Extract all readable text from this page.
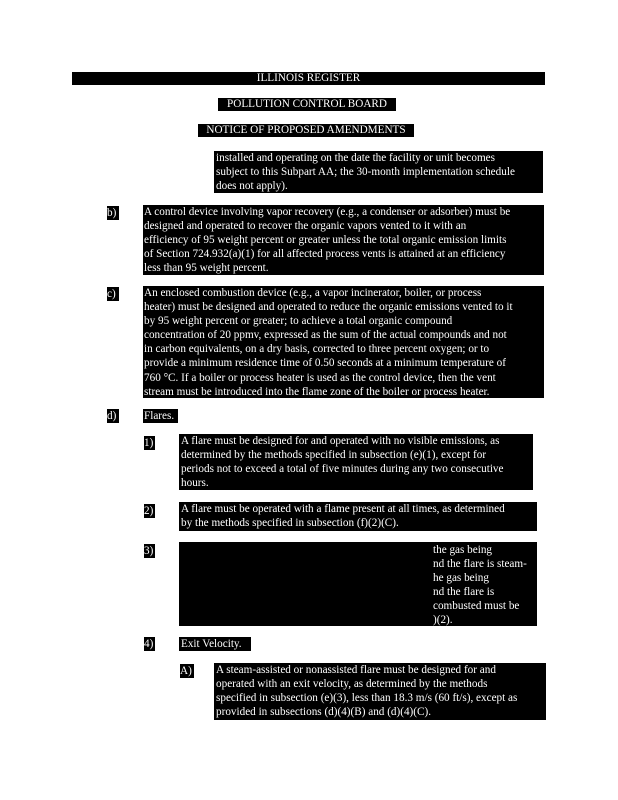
ILLINOIS REGISTER
POLLUTION CONTROL BOARD
NOTICE OF PROPOSED AMENDMENTS
installed and operating on the date the facility or unit becomes
subject to this Subpart AA; the 30-month implementation schedule
does not apply).
b) A control device involving vapor recovery (e.g., a condenser or adsorber) must be
designed and operated to recover the organic vapors vented to it with an
efficiency of 95 weight percent or greater unless the total organic emission limits
of Section 724.932(a)(1) for all affected process vents is attained at an efficiency
less than 95 weight percent.
c)	An enclosed combustion device (e.g., a vapor incinerator, boiler, or process
heater) must be designed and operated to reduce the organic emissions vented to it
by 95 weight percent or greater; to achieve a total organic compound
concentration of 20 ppmv, expressed as the sum of the actual compounds and not
in carbon equivalents, on a dry basis, corrected to three percent oxygen; or to
provide a minimum residence time of 0.50 seconds at a minimum temperature of
760 °C. If a boiler or process heater is used as the control device, then the vent
stream must be introduced into the flame zone of the boiler or process heater.
d) Flares.
1) A flare must be designed for and operated with no visible emissions, as
determined by the methods specified in subsection (e)(1), except for
periods not to exceed a total of five minutes during any two consecutive
hours.
2) A flare must be operated with a flame present at all times, as determined
by the methods specified in subsection (f)(2)(C).
3)	the gas being
nd the flare is steam-
he gas being
nd the flare is
combusted must be
)(2).
4) Exit Velocity.
A) A steam-assisted or nonassisted flare must be designed for and
operated with an exit velocity, as determined by the methods
specified in subsection (e)(3), less than 18.3 m/s (60 ft/s), except as
provided in subsections (d)(4)(B) and (d)(4)(C).
